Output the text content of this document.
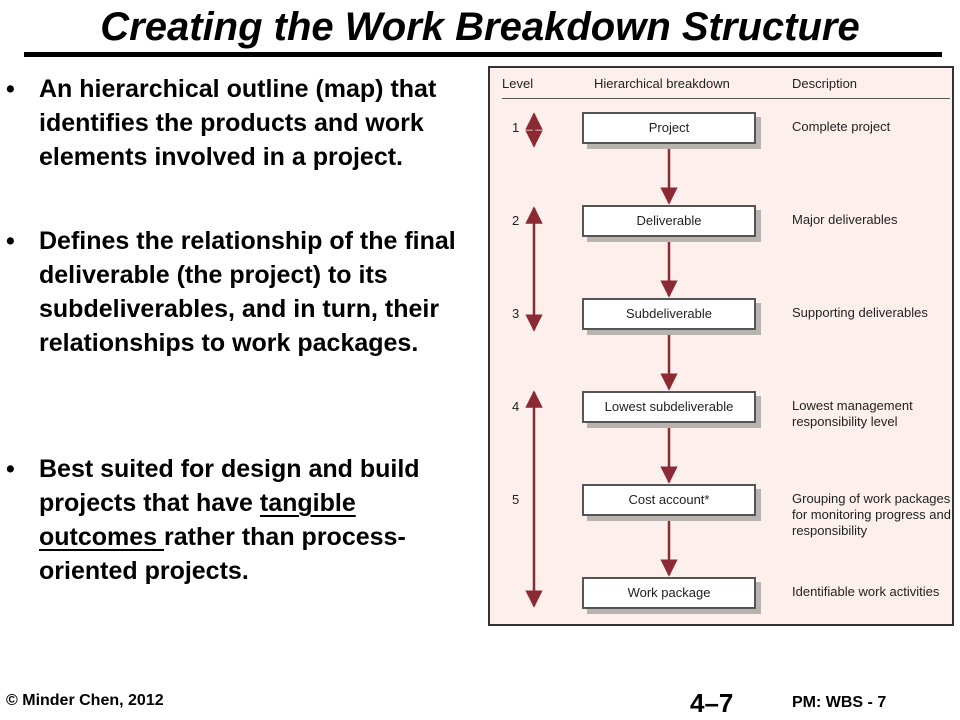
Creating the Work Breakdown Structure
• An hierarchical outline (map) that identifies the products and work elements involved in a project.
• Defines the relationship of the final deliverable (the project) to its subdeliverables, and in turn, their relationships to work packages.
• Best suited for design and build projects that have tangible outcomes rather than process-oriented projects.
Level	Hierarchical breakdown	Description
1	Project	Complete project
2	Deliverable	Major deliverables
3	Subdeliverable	Supporting deliverables
4	Lowest subdeliverable	Lowest management responsibility level
5	Cost account*	Grouping of work packages for monitoring progress and responsibility
Work package	Identifiable work activities
© Minder Chen, 2012	4–7	PM: WBS - 7
